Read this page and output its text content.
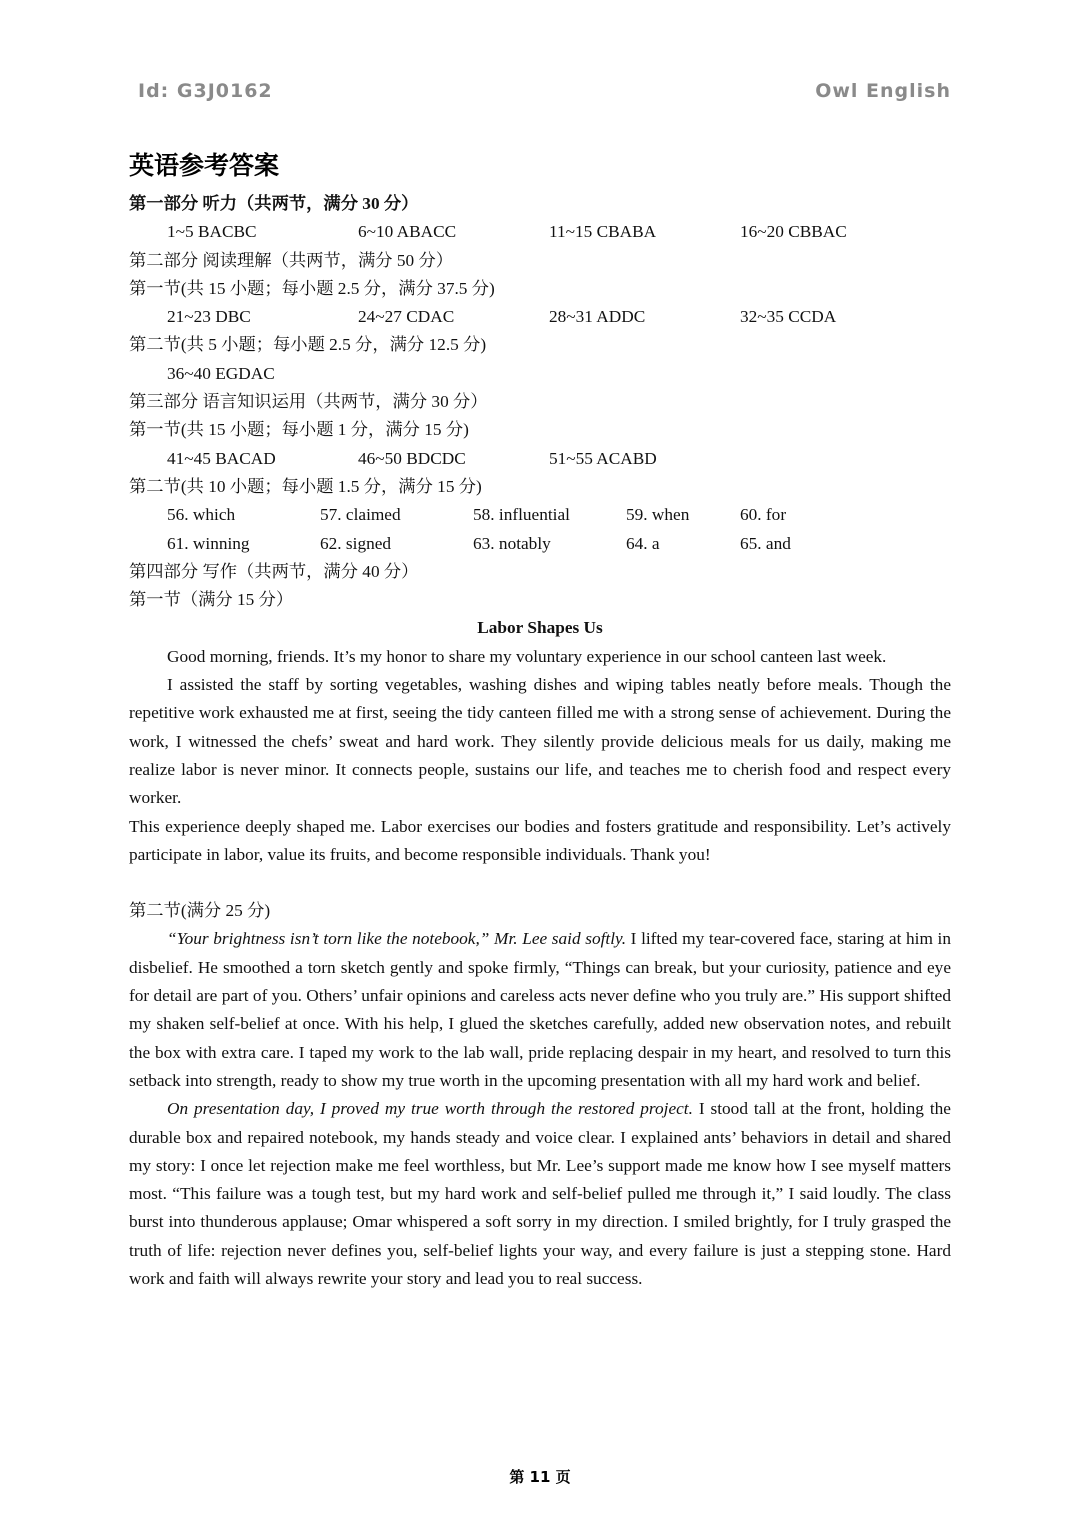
Id: G3J0162	Owl English
英语参考答案
第一部分 听力（共两节，满分 30 分）
1~5 BACBC	6~10 ABACC	11~15 CBABA	16~20 CBBAC
第二部分 阅读理解（共两节，满分 50 分）
第一节(共 15 小题；每小题 2.5 分，满分 37.5 分)
21~23 DBC	24~27 CDAC	28~31 ADDC	32~35 CCDA
第二节(共 5 小题；每小题 2.5 分，满分 12.5 分)
36~40 EGDAC
第三部分 语言知识运用（共两节，满分 30 分）
第一节(共 15 小题；每小题 1 分，满分 15 分)
41~45 BACAD	46~50 BDCDC	51~55 ACABD
第二节(共 10 小题；每小题 1.5 分，满分 15 分)
56. which	57. claimed	58. influential	59. when	60. for
61. winning	62. signed	63. notably	64. a	65. and
第四部分 写作（共两节，满分 40 分）
第一节（满分 15 分）
Labor Shapes Us

Good morning, friends. It’s my honor to share my voluntary experience in our school canteen last week.

I assisted the staff by sorting vegetables, washing dishes and wiping tables neatly before meals. Though the repetitive work exhausted me at first, seeing the tidy canteen filled me with a strong sense of achievement. During the work, I witnessed the chefs’ sweat and hard work. They silently provide delicious meals for us daily, making me realize labor is never minor. It connects people, sustains our life, and teaches me to cherish food and respect every worker.

This experience deeply shaped me. Labor exercises our bodies and fosters gratitude and responsibility. Let’s actively participate in labor, value its fruits, and become responsible individuals. Thank you!

第二节(满分 25 分)

“Your brightness isn’t torn like the notebook,” Mr. Lee said softly. I lifted my tear-covered face, staring at him in disbelief. He smoothed a torn sketch gently and spoke firmly, “Things can break, but your curiosity, patience and eye for detail are part of you. Others’ unfair opinions and careless acts never define who you truly are.” His support shifted my shaken self-belief at once. With his help, I glued the sketches carefully, added new observation notes, and rebuilt the box with extra care. I taped my work to the lab wall, pride replacing despair in my heart, and resolved to turn this setback into strength, ready to show my true worth in the upcoming presentation with all my hard work and belief.

On presentation day, I proved my true worth through the restored project. I stood tall at the front, holding the durable box and repaired notebook, my hands steady and voice clear. I explained ants’ behaviors in detail and shared my story: I once let rejection make me feel worthless, but Mr. Lee’s support made me know how I see myself matters most. “This failure was a tough test, but my hard work and self-belief pulled me through it,” I said loudly. The class burst into thunderous applause; Omar whispered a soft sorry in my direction. I smiled brightly, for I truly grasped the truth of life: rejection never defines you, self-belief lights your way, and every failure is just a stepping stone. Hard work and faith will always rewrite your story and lead you to real success.

第 11 页
